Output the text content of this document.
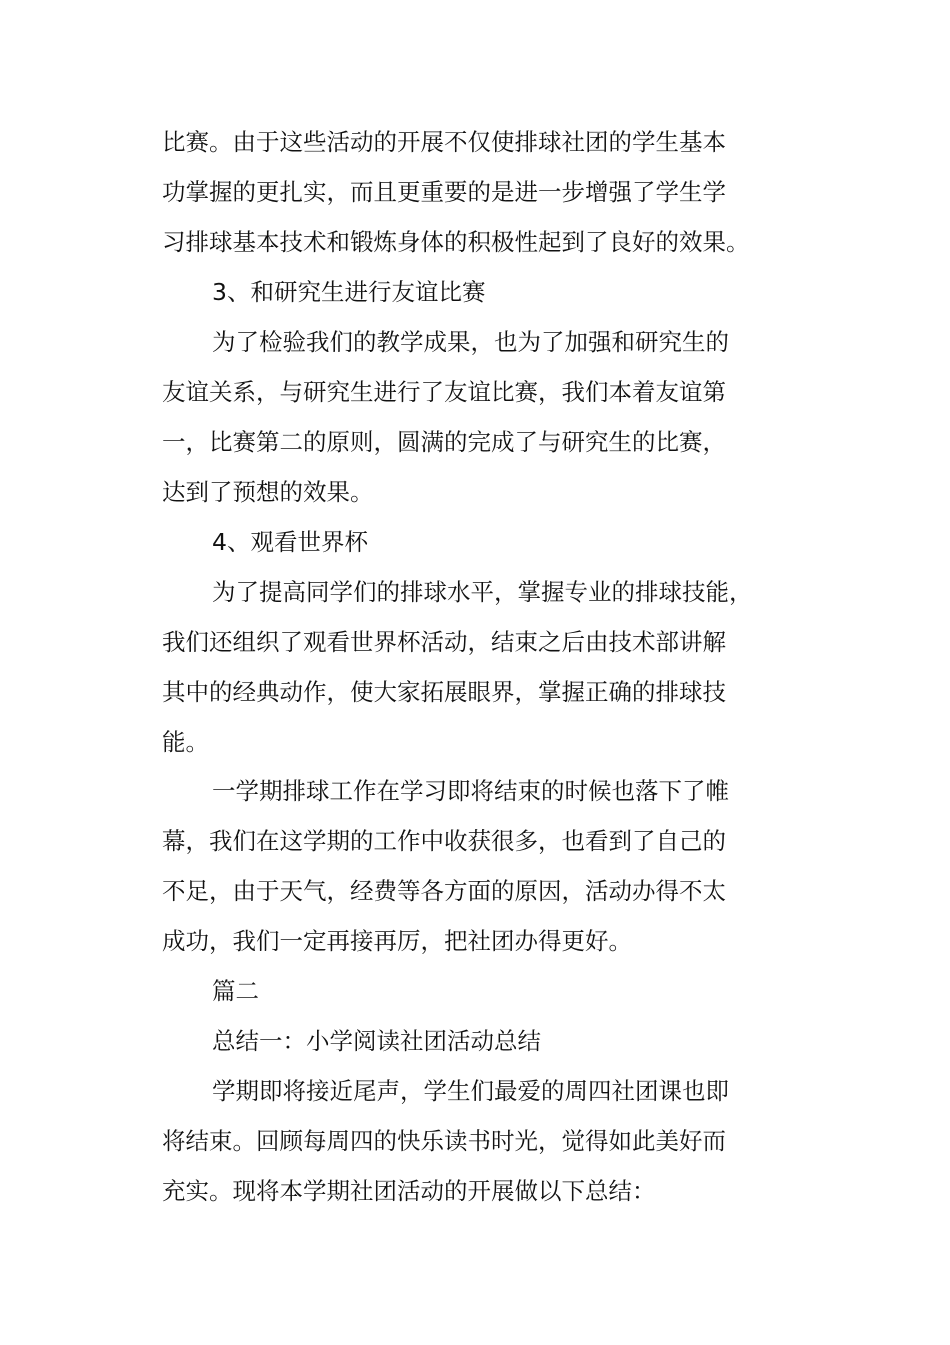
比赛。由于这些活动的开展不仅使排球社团的学生基本

功掌握的更扎实，而且更重要的是进一步增强了学生学

习排球基本技术和锻炼身体的积极性起到了良好的效果。

3、和研究生进行友谊比赛

为了检验我们的教学成果，也为了加强和研究生的

友谊关系，与研究生进行了友谊比赛，我们本着友谊第

一，比赛第二的原则，圆满的完成了与研究生的比赛，

达到了预想的效果。

4、观看世界杯

为了提高同学们的排球水平，掌握专业的排球技能，

我们还组织了观看世界杯活动，结束之后由技术部讲解

其中的经典动作，使大家拓展眼界，掌握正确的排球技

能。

一学期排球工作在学习即将结束的时候也落下了帷

幕，我们在这学期的工作中收获很多，也看到了自己的

不足，由于天气，经费等各方面的原因，活动办得不太

成功，我们一定再接再厉，把社团办得更好。

篇二

总结一：小学阅读社团活动总结

学期即将接近尾声，学生们最爱的周四社团课也即

将结束。回顾每周四的快乐读书时光，觉得如此美好而

充实。现将本学期社团活动的开展做以下总结：
